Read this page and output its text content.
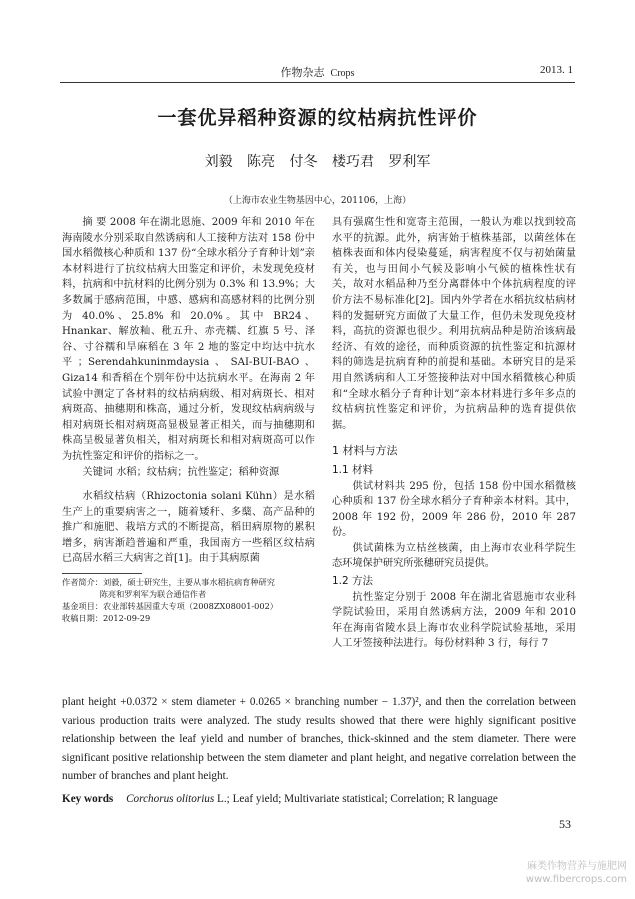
作物杂志 Crops	2013. 1
一套优异稻种资源的纹枯病抗性评价
刘毅 陈亮 付冬 楼巧君 罗利军
（上海市农业生物基因中心，201106，上海）

摘 要 2008 年在湖北恩施、2009 年和 2010 年在海南陵水分别采取自然诱病和人工接种方法对 158 份中国水稻微核心种质和 137 份“全球水稻分子育种计划”亲本材料进行了抗纹枯病大田鉴定和评价，未发现免疫材料，抗病和中抗材料的比例分别为 0.3% 和 13.9%；大多数属于感病范围，中感、感病和高感材料的比例分别为 40.0%、25.8% 和 20.0%。其中 BR24、Hnankar、解放籼、秕五升、赤壳糯、红旗 5 号、泽谷、寸谷糯和旱麻稻在 3 年 2 地的鉴定中均达中抗水平；Serendahkuninmdaysia、SAI-BUI-BAO、Giza14 和香稻在个别年份中达抗病水平。在海南 2 年试验中测定了各材料的纹枯病病级、相对病斑长、相对病斑高、抽穗期和株高，通过分析，发现纹枯病病级与相对病斑长相对病斑高显极显著正相关，而与抽穗期和株高呈极显著负相关，相对病斑长和相对病斑高可以作为抗性鉴定和评价的指标之一。

关键词 水稻；纹枯病；抗性鉴定；稻种资源

水稻纹枯病（Rhizoctonia solani Kühn）是水稻生产上的重要病害之一，随着矮秆、多蘖、高产品种的推广和施肥、栽培方式的不断提高，稻田病原物的累积增多，病害渐趋普遍和严重，我国南方一些稻区纹枯病已高居水稻三大病害之首[1]。由于其病原菌

作者简介：刘毅，硕士研究生，主要从事水稻抗病育种研究
陈亮和罗利军为联合通信作者
基金项目：农业部转基因重大专项（2008ZX08001-002）
收稿日期：2012-09-29

具有强腐生性和宽寄主范围，一般认为难以找到较高水平的抗源。此外，病害始于植株基部，以菌丝体在植株表面和体内侵染蔓延，病害程度不仅与初始菌量有关，也与田间小气候及影响小气候的植株性状有关，故对水稻品种乃至分离群体中个体抗病程度的评价方法不易标准化[2]。国内外学者在水稻抗纹枯病材料的发掘研究方面做了大量工作，但仍未发现免疫材料，高抗的资源也很少。利用抗病品种是防治该病最经济、有效的途径，而种质资源的抗性鉴定和抗源材料的筛选是抗病育种的前提和基础。本研究目的是采用自然诱病和人工牙签接种法对中国水稻微核心种质和“全球水稻分子育种计划”亲本材料进行多年多点的纹枯病抗性鉴定和评价，为抗病品种的选育提供依据。

1 材料与方法
1.1 材料

供试材料共 295 份，包括 158 份中国水稻微核心种质和 137 份全球水稻分子育种亲本材料。其中，2008 年 192 份，2009 年 286 份，2010 年 287 份。

供试菌株为立枯丝核菌，由上海市农业科学院生态环境保护研究所张穗研究员提供。

1.2 方法

抗性鉴定分别于 2008 年在湖北省恩施市农业科学院试验田，采用自然诱病方法，2009 年和 2010 年在海南省陵水县上海市农业科学院试验基地，采用人工牙签接种法进行。每份材料种 3 行，每行 7

plant height +0.0372 × stem diameter + 0.0265 × branching number − 1.37)², and then the correlation between various production traits were analyzed. The study results showed that there were highly significant positive relationship between the leaf yield and number of branches, thick-skinned and the stem diameter. There were significant positive relationship between the stem diameter and plant height, and negative correlation between the number of branches and plant height.

Key words Corchorus olitorius L.; Leaf yield; Multivariate statistical; Correlation; R language

53
麻类作物营养与施肥网
www.fibercrops.com
